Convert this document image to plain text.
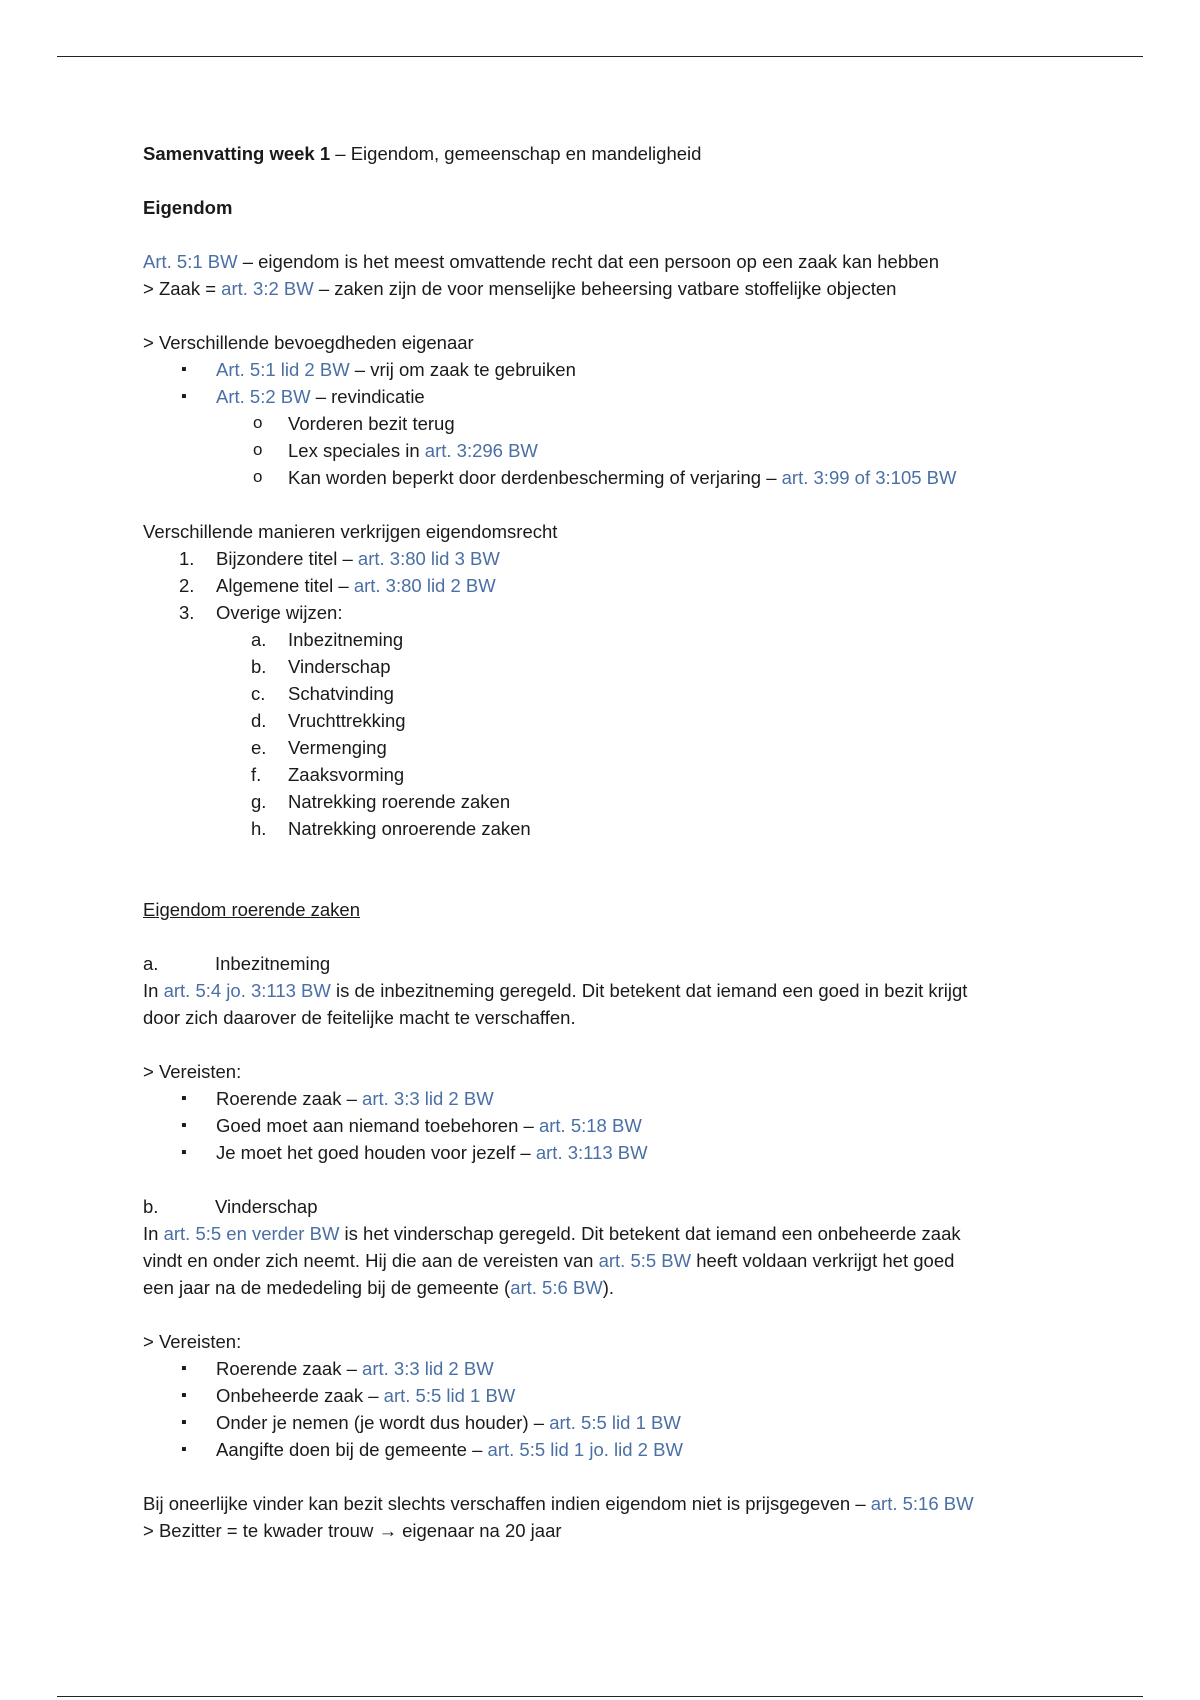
Samenvatting week 1 – Eigendom, gemeenschap en mandeligheid
Eigendom
Art. 5:1 BW – eigendom is het meest omvattende recht dat een persoon op een zaak kan hebben
> Zaak = art. 3:2 BW – zaken zijn de voor menselijke beheersing vatbare stoffelijke objecten
> Verschillende bevoegdheden eigenaar
▪ Art. 5:1 lid 2 BW – vrij om zaak te gebruiken
▪ Art. 5:2 BW – revindicatie
o Vorderen bezit terug
o Lex speciales in art. 3:296 BW
o Kan worden beperkt door derdenbescherming of verjaring – art. 3:99 of 3:105 BW
Verschillende manieren verkrijgen eigendomsrecht
1. Bijzondere titel – art. 3:80 lid 3 BW
2. Algemene titel – art. 3:80 lid 2 BW
3. Overige wijzen:
a. Inbezitneming
b. Vinderschap
c. Schatvinding
d. Vruchttrekking
e. Vermenging
f. Zaaksvorming
g. Natrekking roerende zaken
h. Natrekking onroerende zaken
Eigendom roerende zaken
a.	Inbezitneming
In art. 5:4 jo. 3:113 BW is de inbezitneming geregeld. Dit betekent dat iemand een goed in bezit krijgt
door zich daarover de feitelijke macht te verschaffen.
> Vereisten:
▪ Roerende zaak – art. 3:3 lid 2 BW
▪ Goed moet aan niemand toebehoren – art. 5:18 BW
▪ Je moet het goed houden voor jezelf – art. 3:113 BW
b.	Vinderschap
In art. 5:5 en verder BW is het vinderschap geregeld. Dit betekent dat iemand een onbeheerde zaak
vindt en onder zich neemt. Hij die aan de vereisten van art. 5:5 BW heeft voldaan verkrijgt het goed
een jaar na de mededeling bij de gemeente (art. 5:6 BW).
> Vereisten:
▪ Roerende zaak – art. 3:3 lid 2 BW
▪ Onbeheerde zaak – art. 5:5 lid 1 BW
▪ Onder je nemen (je wordt dus houder) – art. 5:5 lid 1 BW
▪ Aangifte doen bij de gemeente – art. 5:5 lid 1 jo. lid 2 BW
Bij oneerlijke vinder kan bezit slechts verschaffen indien eigendom niet is prijsgegeven – art. 5:16 BW
> Bezitter = te kwader trouw → eigenaar na 20 jaar
